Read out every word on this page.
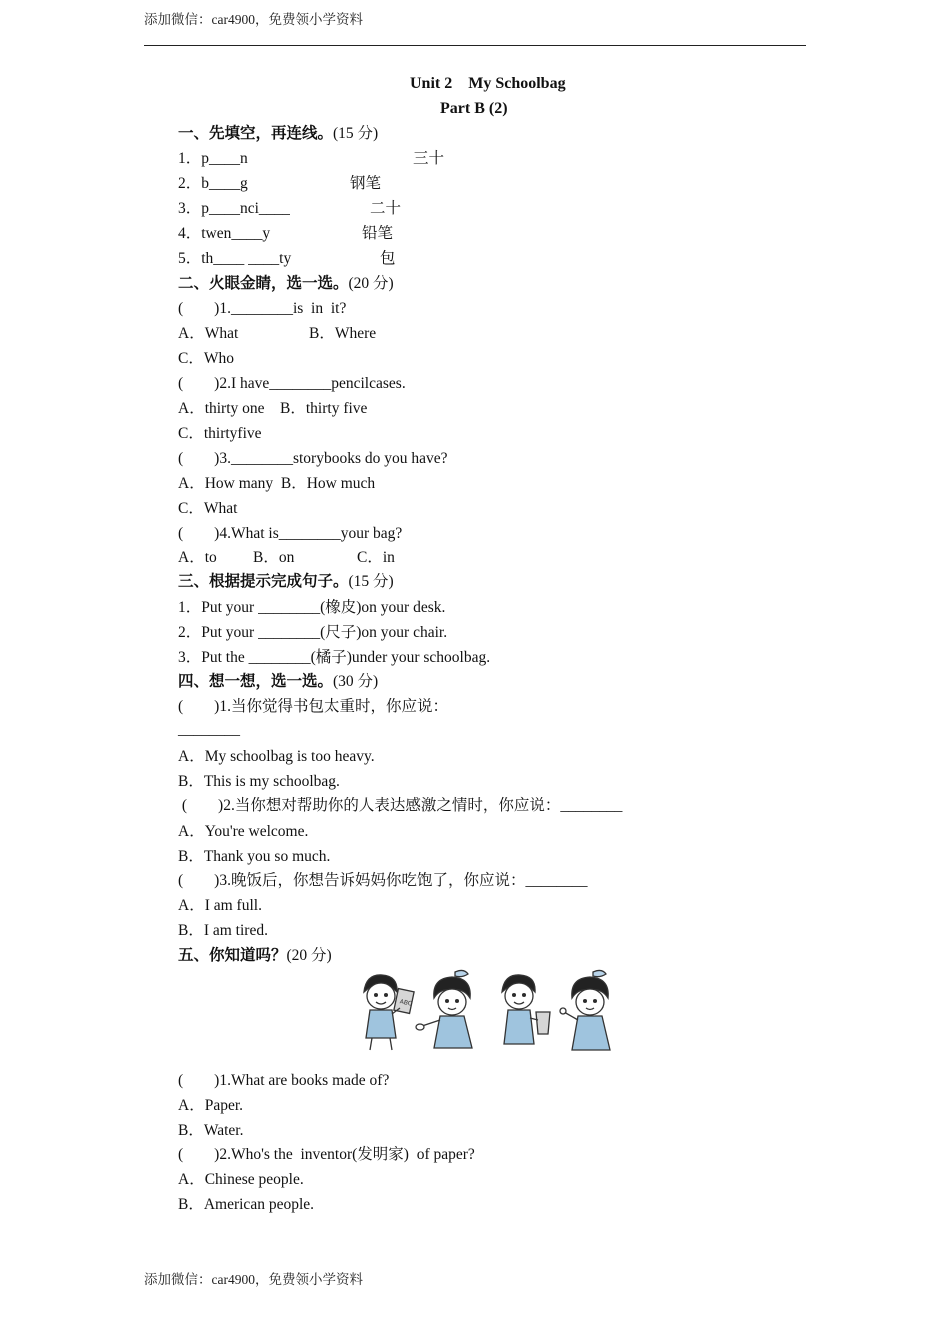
添加微信：car4900，免费领小学资料
Unit 2    My Schoolbag
Part B (2)
一、先填空，再连线。(15 分)
1．p____n	三十
2．b____g	钢笔
3．p____nci____	二十
4．twen____y	铅笔
5．th____ ____ty	包
二、火眼金睛，选一选。(20 分)
(        )1.________is  in  it?
A．What	B．Where
C．Who
(        )2.I have________pencilcases.
A．thirty one    B．thirty five
C．thirtyfive
(        )3.________storybooks do you have?
A．How many  B．How much
C．What
(        )4.What is________your bag?
A．to B．on	C．in
三、根据提示完成句子。(15 分)
1．Put your ________(橡皮)on your desk.
2．Put your ________(尺子)on your chair.
3．Put the ________(橘子)under your schoolbag.
四、想一想，选一选。(30 分)
(        )1.当你觉得书包太重时，你应说：
________
A．My schoolbag is too heavy.
B．This is my schoolbag.
(        )2.当你想对帮助你的人表达感激之情时，你应说：________
A．You're welcome.
B．Thank you so much.
(        )3.晚饭后，你想告诉妈妈你吃饱了，你应说：________
A．I am full.
B．I am tired.
五、你知道吗？(20 分)
ABC
(        )1.What are books made of?
A．Paper.
B．Water.
(        )2.Who's the  inventor(发明家)  of paper?
A．Chinese people.
B．American people.
添加微信：car4900，免费领小学资料
